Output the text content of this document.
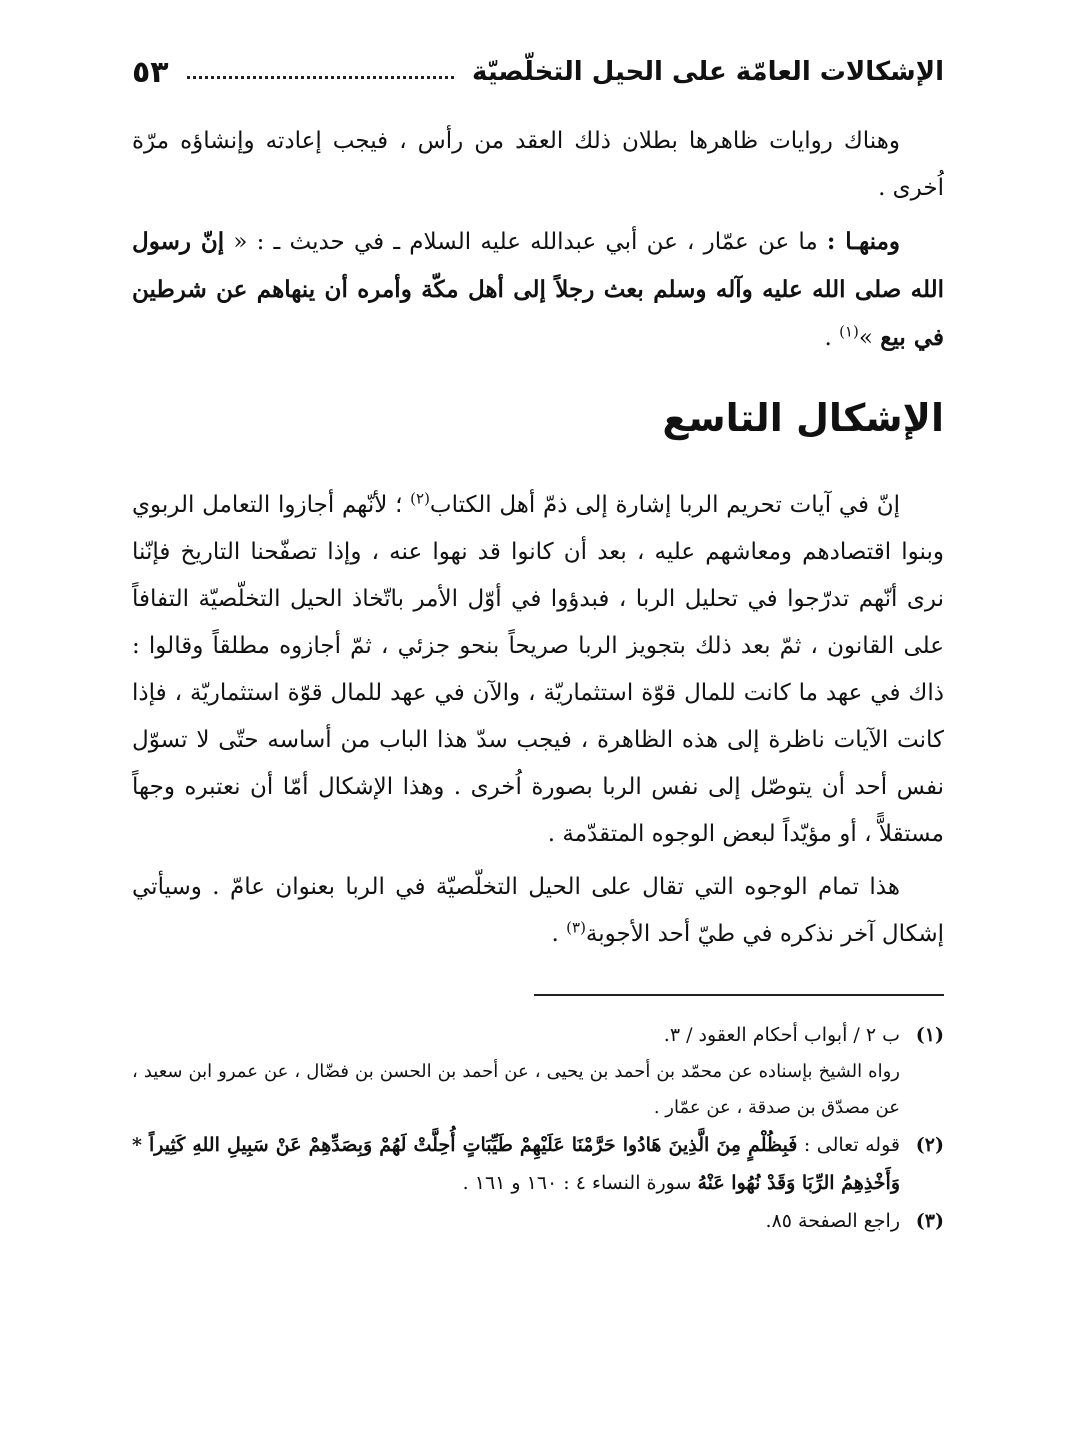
الإشكالات العامّة على الحيل التخلّصيّة
٥٣

وهناك روايات ظاهرها بطلان ذلك العقد من رأس ، فيجب إعادته وإنشاؤه مرّة اُخرى .

ومنهـا : ما عن عمّار ، عن أبي عبدالله عليه السلام ـ في حديث ـ : « إنّ رسول الله صلى الله عليه وآله وسلم بعث رجلاً إلى أهل مكّة وأمره أن ينهاهم عن شرطين في بيع »$^{(١)}$ .

الإشكال التاسع

إنّ في آيات تحريم الربا إشارة إلى ذمّ أهل الكتاب$^{(٢)}$ ؛ لأنّهم أجازوا التعامل الربوي وبنوا اقتصادهم ومعاشهم عليه ، بعد أن كانوا قد نهوا عنه ، وإذا تصفّحنا التاريخ فإنّنا نرى أنّهم تدرّجوا في تحليل الربا ، فبدؤوا في أوّل الأمر باتّخاذ الحيل التخلّصيّة التفافاً على القانون ، ثمّ بعد ذلك بتجويز الربا صريحاً بنحو جزئي ، ثمّ أجازوه مطلقاً وقالوا : ذاك في عهد ما كانت للمال قوّة استثماريّة ، والآن في عهد للمال قوّة استثماريّة ، فإذا كانت الآيات ناظرة إلى هذه الظاهرة ، فيجب سدّ هذا الباب من أساسه حتّى لا تسوّل نفس أحد أن يتوصّل إلى نفس الربا بصورة اُخرى . وهذا الإشكال أمّا أن نعتبره وجهاً مستقلاًّ ، أو مؤيّداً لبعض الوجوه المتقدّمة .

هذا تمام الوجوه التي تقال على الحيل التخلّصيّة في الربا بعنوان عامّ . وسيأتي إشكال آخر نذكره في طيّ أحد الأجوبة$^{(٣)}$ .

(١)ب ٢ / أبواب أحكام العقود / ٣.

رواه الشيخ بإسناده عن محمّد بن أحمد بن يحيى ، عن أحمد بن الحسن بن فضّال ، عن عمرو ابن سعيد ، عن مصدّق بن صدقة ، عن عمّار .

(٢)قوله تعالى : فَبِظُلْمٍ مِنَ الَّذِينَ هَادُوا حَرَّمْنَا عَلَيْهِمْ طَيِّبَاتٍ أُحِلَّتْ لَهُمْ وَبِصَدِّهِمْ عَنْ سَبِيلِ اللهِ كَثِيراً * وَأَخْذِهِمُ الرِّبَا وَقَدْ نُهُوا عَنْهُ سورة النساء ٤ : ١٦٠ و ١٦١ .

(٣)راجع الصفحة ٨٥.
